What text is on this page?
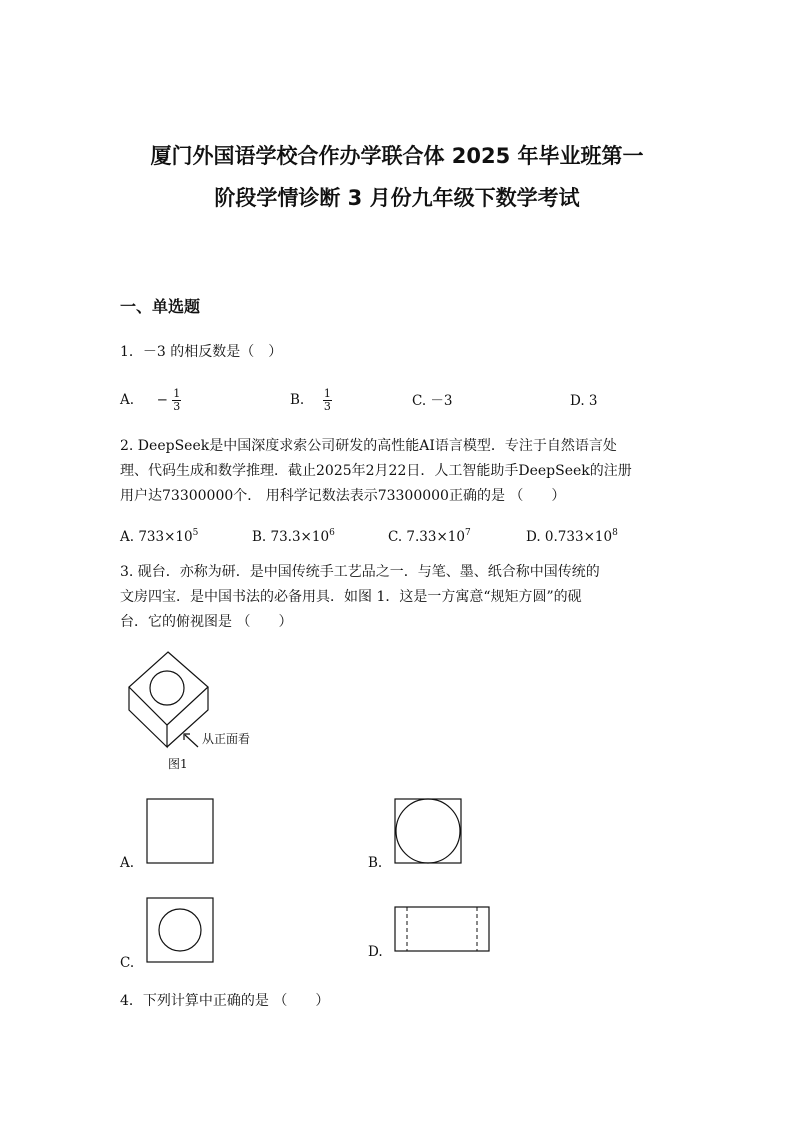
厦门外国语学校合作办学联合体 2025 年毕业班第一
阶段学情诊断 3 月份九年级下数学考试
一、单选题
1．－3 的相反数是（　）
A. − $\frac{1}{3}$	B. $\frac{1}{3}$	C. －3	D. 3
2. DeepSeek是中国深度求索公司研发的高性能AI语言模型．专注于自然语言处
理、代码生成和数学推理．截止2025年2月22日．人工智能助手DeepSeek的注册
用户达73300000个． 用科学记数法表示73300000正确的是 （　　）
A. $733\times 10^5$	B. $73.3\times 10^6$	C. $7.33\times 10^7$	D. $0.733\times 10^8$
3. 砚台．亦称为研．是中国传统手工艺品之一．与笔、墨、纸合称中国传统的
文房四宝．是中国书法的必备用具．如图 1．这是一方寓意“规矩方圆”的砚
台．它的俯视图是 （　　）
从正面看
图1
A.	B.
C.
D.
4．下列计算中正确的是 （　　）
